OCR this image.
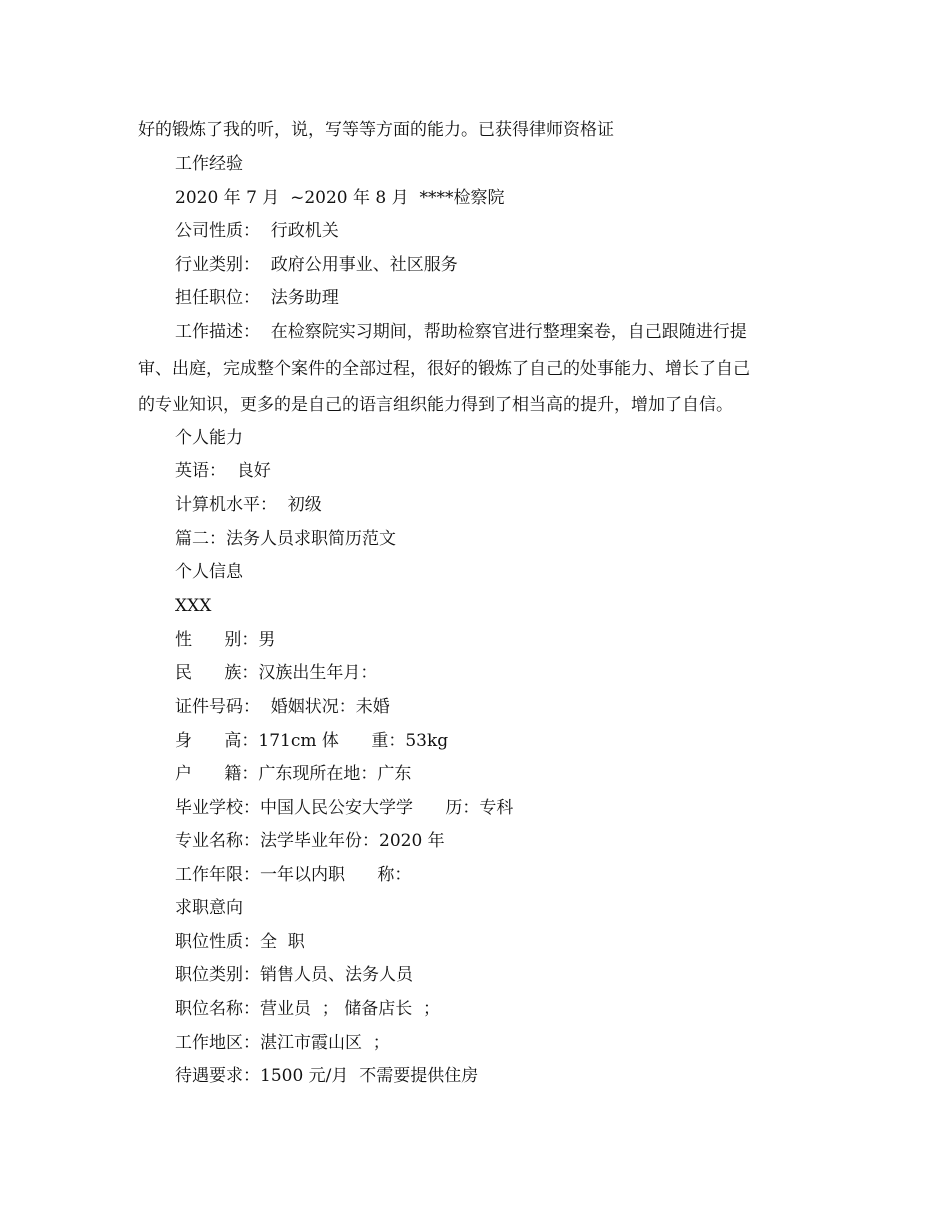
好的锻炼了我的听，说，写等等方面的能力。已获得律师资格证
工作经验
2020 年 7 月  ~2020 年 8 月  ****检察院
公司性质：  行政机关
行业类别：  政府公用事业、社区服务
担任职位：  法务助理
工作描述：  在检察院实习期间，帮助检察官进行整理案卷，自己跟随进行提
审、出庭，完成整个案件的全部过程，很好的锻炼了自己的处事能力、增长了自己
的专业知识，更多的是自己的语言组织能力得到了相当高的提升，增加了自信。
个人能力
英语：  良好
计算机水平：  初级
篇二：法务人员求职简历范文
个人信息
XXX
性      别：男
民      族：汉族出生年月：
证件号码：  婚姻状况：未婚
身      高：171cm 体      重：53kg
户      籍：广东现所在地：广东
毕业学校：中国人民公安大学学      历：专科
专业名称：法学毕业年份：2020 年
工作年限：一年以内职      称：
求职意向
职位性质：全  职
职位类别：销售人员、法务人员
职位名称：营业员  ； 储备店长  ；
工作地区：湛江市霞山区  ；
待遇要求：1500 元/月  不需要提供住房
